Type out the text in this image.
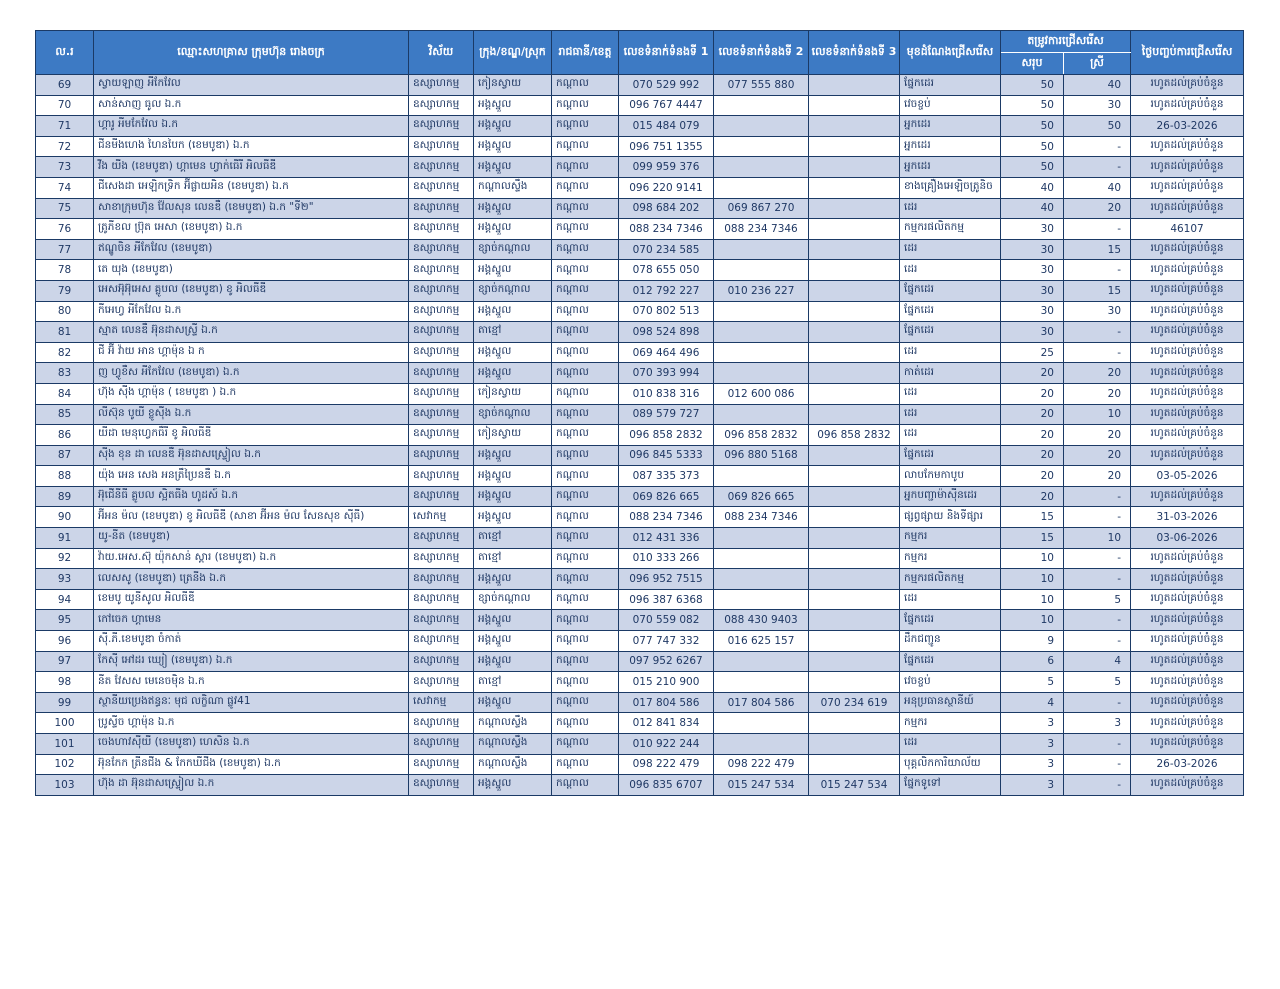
ល.រ	ឈ្មោះសហគ្រាស ក្រុមហ៊ុន រោងចក្រ	វិស័យ	ក្រុង/ខណ្ឌ/ស្រុក	រាជធានី/ខេត្ត	លេខទំនាក់ទំនងទី 1	លេខទំនាក់ទំនងទី 2	លេខទំនាក់ទំនងទី 3	មុខដំណែងជ្រើសរើស	តម្រូវការជ្រើសរើស		ថ្ងៃបញ្ចប់ការជ្រើសរើស
									សរុប	ស្រី	
69	ស្វាយឡាញ អីកែវែល	ឧស្សាហកម្ម	កៀនស្វាយ	កណ្តាល	070 529 992	077 555 880		ផ្នែកដេរ	50	40	រហូតដល់គ្រប់ចំនួន
70	សាន់សាញ ធូល ឯ.ក	ឧស្សាហកម្ម	អង្គស្នួល	កណ្តាល	096 767 4447			វេចខ្ចប់	50	30	រហូតដល់គ្រប់ចំនួន
71	ហ្គារូ អីមកែវែល ឯ.ក	ឧស្សាហកម្ម	អង្គស្នួល	កណ្តាល	015 484 079			អ្នកដេរ	50	50	26-03-2026
72	ជីនមីងហេង ហៃនបៃក (ខេមបូឌា) ឯ.ក	ឧស្សាហកម្ម	អង្គស្នួល	កណ្តាល	096 751 1355			អ្នកដេរ	50	-	រហូតដល់គ្រប់ចំនួន
73	វីង យីង (ខេមបូឌា) ហ្គាមេន ហ្វាក់ធើរី អិលធីឌី	ឧស្សាហកម្ម	អង្គស្នួល	កណ្តាល	099 959 376			អ្នកដេរ	50	-	រហូតដល់គ្រប់ចំនួន
74	ជីសេងដា អេឡិកទ្រិក អ៊ីផ្លាយអិន (ខេមបូឌា) ឯ.ក	ឧស្សាហកម្ម	កណ្តាលស្ទឹង	កណ្តាល	096 220 9141			ខាងគ្រឿងអេឡិចត្រូនិច	40	40	រហូតដល់គ្រប់ចំនួន
75	សាខាក្រុមហ៊ុន វ៉ែលសុន លេនឌឺ (ខេមបូឌា) ឯ.ក "ទី២"	ឧស្សាហកម្ម	អង្គស្នួល	កណ្តាល	098 684 202	069 867 270		ដេរ	40	20	រហូតដល់គ្រប់ចំនួន
76	ត្រូភីខល ប្រ៊ុត អេសា (ខេមបូឌា) ឯ.ក	ឧស្សាហកម្ម	អង្គស្នួល	កណ្តាល	088 234 7346	088 234 7346		កម្មករផលិតកម្ម	30	-	46107
77	ឥណ្ឌូចិន អីកែវែល (ខេមបូឌា)	ឧស្សាហកម្ម	ខ្សាច់កណ្តាល	កណ្តាល	070 234 585			ដេរ	30	15	រហូតដល់គ្រប់ចំនួន
78	តេ យុង (ខេមបូឌា)	ឧស្សាហកម្ម	អង្គស្នួល	កណ្តាល	078 655 050			ដេរ	30	-	រហូតដល់គ្រប់ចំនួន
79	អេសអ៊ុអ៊ុអេស គ្លូបល (ខេមបូឌា) ខូ អិលធីឌី	ឧស្សាហកម្ម	ខ្សាច់កណ្តាល	កណ្តាល	012 792 227	010 236 227		ផ្នែកដេរ	30	15	រហូតដល់គ្រប់ចំនួន
80	កីអេហ្វ អីកែវែល ឯ.ក	ឧស្សាហកម្ម	អង្គស្នួល	កណ្តាល	070 802 513			ផ្នែកដេរ	30	30	រហូតដល់គ្រប់ចំនួន
81	ស្មាត លេនឌឺ អ៊ុនដាសស្ទ្រី ឯ.ក	ឧស្សាហកម្ម	តាខ្មៅ	កណ្តាល	098 524 898			ផ្នែកដេរ	30	-	រហូតដល់គ្រប់ចំនួន
82	ជី អ៊ី វ៉ាយ អាន ហ្គាម៉ុន ឯ ក	ឧស្សាហកម្ម	អង្គស្នួល	កណ្តាល	069 464 496			ដេរ	25	-	រហូតដល់គ្រប់ចំនួន
83	ញ ហ្វូខឺស អីកែវែល (ខេមបូឌា) ឯ.ក	ឧស្សាហកម្ម	អង្គស្នួល	កណ្តាល	070 393 994			កាត់ដេរ	20	20	រហូតដល់គ្រប់ចំនួន
84	ហ៊ុង ស៊ីង ហ្គាម៉ុន ( ខេមបូឌា ) ឯ.ក	ឧស្សាហកម្ម	កៀនស្វាយ	កណ្តាល	010 838 316	012 600 086		ដេរ	20	20	រហូតដល់គ្រប់ចំនួន
85	លីស៊ុន បូយី ខ្លូស៊ីង ឯ.ក	ឧស្សាហកម្ម	ខ្សាច់កណ្តាល	កណ្តាល	089 579 727			ដេរ	20	10	រហូតដល់គ្រប់ចំនួន
86	យីដា មេនុហ្វេកធឺរី ខូ អិលធីឌី	ឧស្សាហកម្ម	កៀនស្វាយ	កណ្តាល	096 858 2832	096 858 2832	096 858 2832	ដេរ	20	20	រហូតដល់គ្រប់ចំនួន
87	ស៊ីង ខុន ដា លេនឌឺ អ៊ុនដាសស្រ្ទៀល ឯ.ក	ឧស្សាហកម្ម	អង្គស្នួល	កណ្តាល	096 845 5333	096 880 5168		ផ្នែកដេរ	20	20	រហូតដល់គ្រប់ចំនួន
88	យ៉ុង អេន សេង អនត្រឹប្រៃនឌឺ ឯ.ក	ឧស្សាហកម្ម	អង្គស្នួល	កណ្តាល	087 335 373			លាបកែមកាបូប	20	20	03-05-2026
89	អ៊ុជើនីធី គ្លូបល ស្អិតធីង ហូដស៍ ឯ.ក	ឧស្សាហកម្ម	អង្គស្នួល	កណ្តាល	069 826 665	069 826 665		អ្នកបញ្ជាម៉ាស៊ីនដេរ	20	-	រហូតដល់គ្រប់ចំនួន
90	អ៊ីអន ម៉ល (ខេមបូឌា) ខូ អិលធីឌី (សាខា អ៊ីអន ម៉ល សែនសុខ ស៊ីធី)	សេវាកម្ម	អង្គស្នួល	កណ្តាល	088 234 7346	088 234 7346		ផ្សព្វផ្សាយ និងទីផ្សារ	15	-	31-03-2026
91	យូ-នីត (ខេមបូឌា)	ឧស្សាហកម្ម	តាខ្មៅ	កណ្តាល	012 431 336			កម្មករ	15	10	03-06-2026
92	វ៉ាយ.អេស.ស៊ុ យ៉ុកសាន់ ស្គារ (ខេមបូឌា) ឯ.ក	ឧស្សាហកម្ម	តាខ្មៅ	កណ្តាល	010 333 266			កម្មករ	10	-	រហូតដល់គ្រប់ចំនួន
93	លេសសូ (ខេមបូឌា) ត្រេនីង ឯ.ក	ឧស្សាហកម្ម	អង្គស្នួល	កណ្តាល	096 952 7515			កម្មករផលិតកម្ម	10	-	រហូតដល់គ្រប់ចំនួន
94	ខេមបូ យូនីសូល អិលធីឌី	ឧស្សាហកម្ម	ខ្សាច់កណ្តាល	កណ្តាល	096 387 6368			ដេរ	10	5	រហូតដល់គ្រប់ចំនួន
95	កៅចេក ហ្គាមេន	ឧស្សាហកម្ម	អង្គស្នួល	កណ្តាល	070 559 082	088 430 9403		ផ្នែកដេរ	10	-	រហូតដល់គ្រប់ចំនួន
96	ស៊ី.ភី.ខេមបូឌា ចំកាត់	ឧស្សាហកម្ម	អង្គស្នួល	កណ្តាល	077 747 332	016 625 157		ដឹកជញ្ជូន	9	-	រហូតដល់គ្រប់ចំនួន
97	កែស៊ី អៅដរ ឃ្យៀ (ខេមបូឌា) ឯ.ក	ឧស្សាហកម្ម	អង្គស្នួល	កណ្តាល	097 952 6267			ផ្នែកដេរ	6	4	រហូតដល់គ្រប់ចំនួន
98	នីត វែសស មេនេចម៉ិន ឯ.ក	ឧស្សាហកម្ម	តាខ្មៅ	កណ្តាល	015 210 900			វេចខ្ចប់	5	5	រហូតដល់គ្រប់ចំនួន
99	ស្ថានីយប្រេងឥន្ធនៈ មុជ លក្ខិណា ផ្លូវ41	សេវាកម្ម	អង្គស្នួល	កណ្តាល	017 804 586	017 804 586	070 234 619	អនុប្រធានស្ថានីយ៍	4	-	រហូតដល់គ្រប់ចំនួន
100	ប្រូស្ទីច ហ្គាម៉ុន ឯ.ក	ឧស្សាហកម្ម	កណ្តាលស្ទឹង	កណ្តាល	012 841 834			កម្មករ	3	3	រហូតដល់គ្រប់ចំនួន
101	ចេងហាវស៊ីយី (ខេមបូឌា) ហេសិន ឯ.ក	ឧស្សាហកម្ម	កណ្តាលស្ទឹង	កណ្តាល	010 922 244			ដេរ	3	-	រហូតដល់គ្រប់ចំនួន
102	អ៊ុនកែក ត្រីនជីង & កែកឃីជីង (ខេមបូឌា) ឯ.ក	ឧស្សាហកម្ម	កណ្តាលស្ទឹង	កណ្តាល	098 222 479	098 222 479		បុគ្គលិកការិយាល័យ	3	-	26-03-2026
103	ហ៊ុង ដា អ៊ុនដាសស្រ្ទៀល ឯ.ក	ឧស្សាហកម្ម	អង្គស្នួល	កណ្តាល	096 835 6707	015 247 534	015 247 534	ផ្នែកទូទៅ	3	-	រហូតដល់គ្រប់ចំនួន
